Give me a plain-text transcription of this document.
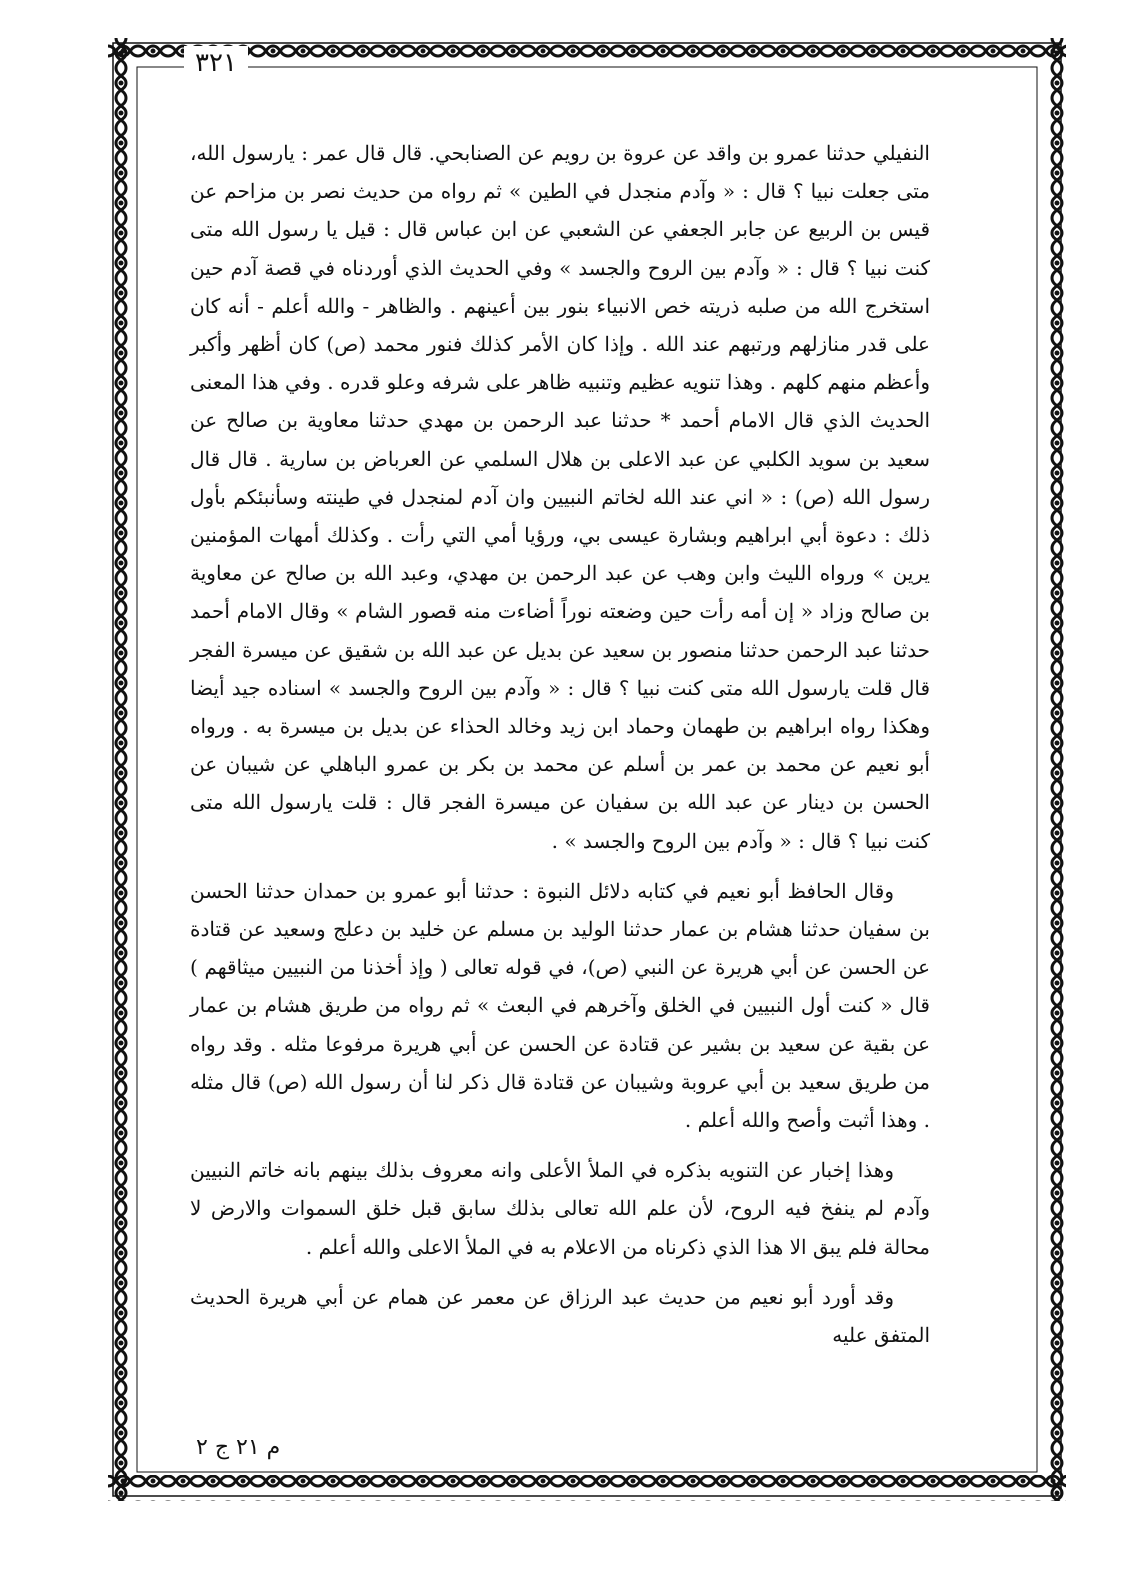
٣٢١

النفيلي حدثنا عمرو بن واقد عن عروة بن رويم عن الصنابحي. قال قال عمر : يارسول الله، متى جعلت نبيا ؟ قال : « وآدم منجدل في الطين » ثم رواه من حديث نصر بن مزاحم عن قيس بن الربيع عن جابر الجعفي عن الشعبي عن ابن عباس قال : قيل يا رسول الله متى كنت نبيا ؟ قال : « وآدم بين الروح والجسد » وفي الحديث الذي أوردناه في قصة آدم حين استخرج الله من صلبه ذريته خص الانبياء بنور بين أعينهم . والظاهر - والله أعلم - أنه كان على قدر منازلهم ورتبهم عند الله . وإذا كان الأمر كذلك فنور محمد (ص) كان أظهر وأكبر وأعظم منهم كلهم . وهذا تنويه عظيم وتنبيه ظاهر على شرفه وعلو قدره . وفي هذا المعنى الحديث الذي قال الامام أحمد * حدثنا عبد الرحمن بن مهدي حدثنا معاوية بن صالح عن سعيد بن سويد الكلبي عن عبد الاعلى بن هلال السلمي عن العرباض بن سارية . قال قال رسول الله (ص) : « اني عند الله لخاتم النبيين وان آدم لمنجدل في طينته وسأنبئكم بأول ذلك : دعوة أبي ابراهيم وبشارة عيسى بي، ورؤيا أمي التي رأت . وكذلك أمهات المؤمنين يرين » ورواه الليث وابن وهب عن عبد الرحمن بن مهدي، وعبد الله بن صالح عن معاوية بن صالح وزاد « إن أمه رأت حين وضعته نوراً أضاءت منه قصور الشام » وقال الامام أحمد حدثنا عبد الرحمن حدثنا منصور بن سعيد عن بديل عن عبد الله بن شقيق عن ميسرة الفجر قال قلت يارسول الله متى كنت نبيا ؟ قال : « وآدم بين الروح والجسد » اسناده جيد أيضا وهكذا رواه ابراهيم بن طهمان وحماد ابن زيد وخالد الحذاء عن بديل بن ميسرة به . ورواه أبو نعيم عن محمد بن عمر بن أسلم عن محمد بن بكر بن عمرو الباهلي عن شيبان عن الحسن بن دينار عن عبد الله بن سفيان عن ميسرة الفجر قال : قلت يارسول الله متى كنت نبيا ؟ قال : « وآدم بين الروح والجسد » .

وقال الحافظ أبو نعيم في كتابه دلائل النبوة : حدثنا أبو عمرو بن حمدان حدثنا الحسن بن سفيان حدثنا هشام بن عمار حدثنا الوليد بن مسلم عن خليد بن دعلج وسعيد عن قتادة عن الحسن عن أبي هريرة عن النبي (ص)، في قوله تعالى ( وإذ أخذنا من النبيين ميثاقهم ) قال « كنت أول النبيين في الخلق وآخرهم في البعث » ثم رواه من طريق هشام بن عمار عن بقية عن سعيد بن بشير عن قتادة عن الحسن عن أبي هريرة مرفوعا مثله . وقد رواه من طريق سعيد بن أبي عروبة وشيبان عن قتادة قال ذكر لنا أن رسول الله (ص) قال مثله . وهذا أثبت وأصح والله أعلم .

وهذا إخبار عن التنويه بذكره في الملأ الأعلى وانه معروف بذلك بينهم بانه خاتم النبيين وآدم لم ينفخ فيه الروح، لأن علم الله تعالى بذلك سابق قبل خلق السموات والارض لا محالة فلم يبق الا هذا الذي ذكرناه من الاعلام به في الملأ الاعلى والله أعلم .

وقد أورد أبو نعيم من حديث عبد الرزاق عن معمر عن همام عن أبي هريرة الحديث المتفق عليه

م ٢١ ج ٢
